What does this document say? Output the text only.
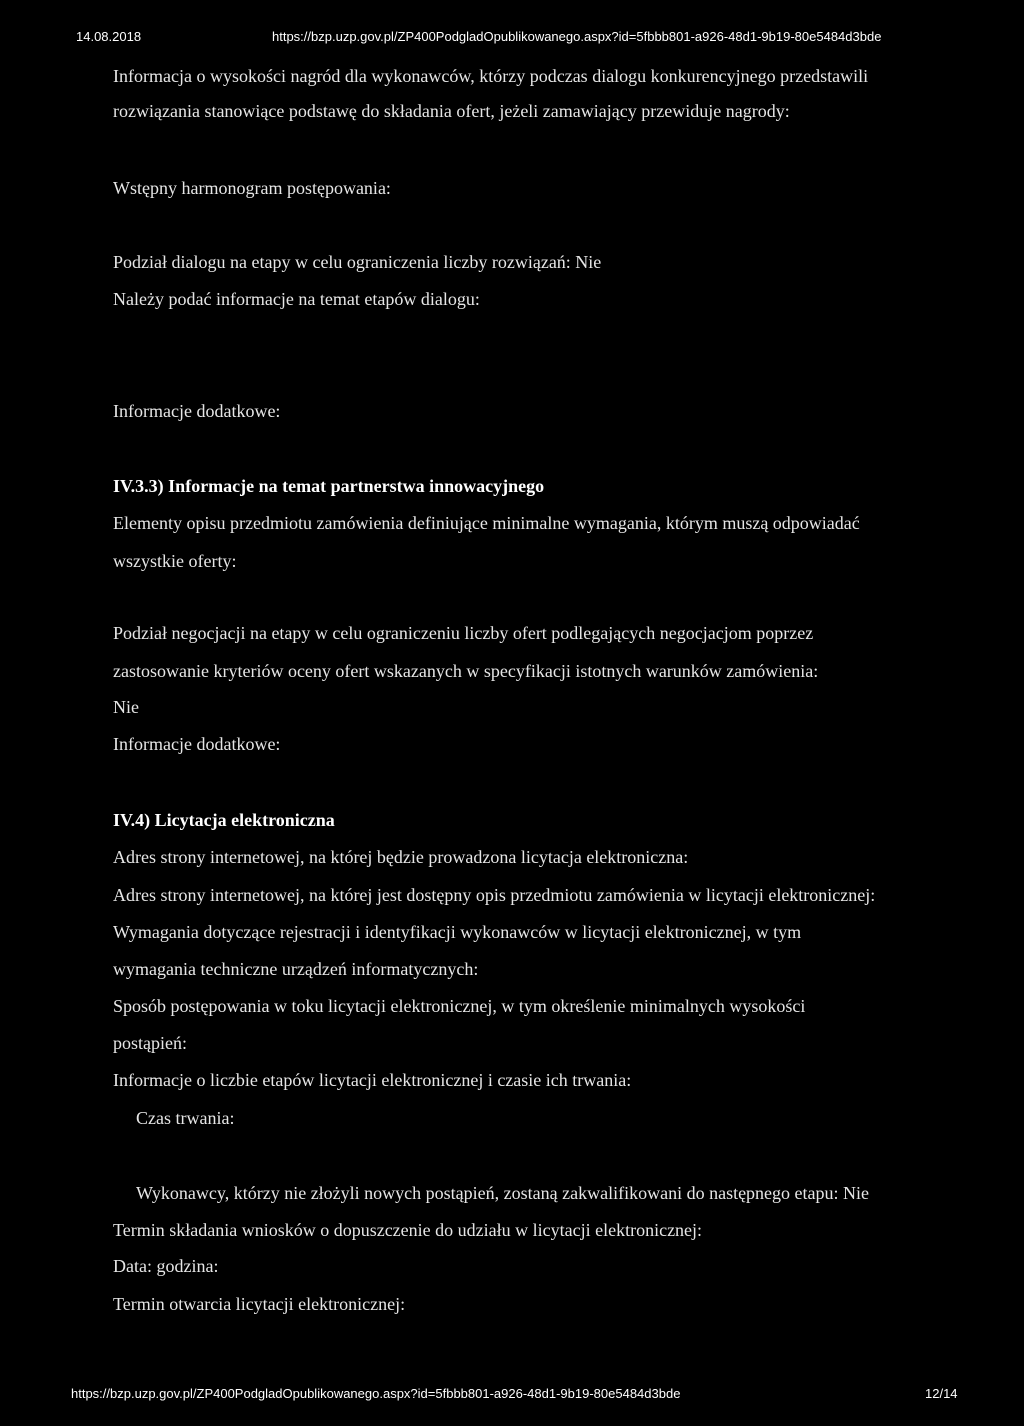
14.08.2018	https://bzp.uzp.gov.pl/ZP400PodgladOpublikowanego.aspx?id=5fbbb801-a926-48d1-9b19-80e5484d3bde
Informacja o wysokości nagród dla wykonawców, którzy podczas dialogu konkurencyjnego przedstawili
rozwiązania stanowiące podstawę do składania ofert, jeżeli zamawiający przewiduje nagrody:
Wstępny harmonogram postępowania:
Podział dialogu na etapy w celu ograniczenia liczby rozwiązań: Nie
Należy podać informacje na temat etapów dialogu:
Informacje dodatkowe:
IV.3.3) Informacje na temat partnerstwa innowacyjnego
Elementy opisu przedmiotu zamówienia definiujące minimalne wymagania, którym muszą odpowiadać
wszystkie oferty:
Podział negocjacji na etapy w celu ograniczeniu liczby ofert podlegających negocjacjom poprzez
zastosowanie kryteriów oceny ofert wskazanych w specyfikacji istotnych warunków zamówienia:
Nie
Informacje dodatkowe:
IV.4) Licytacja elektroniczna
Adres strony internetowej, na której będzie prowadzona licytacja elektroniczna:
Adres strony internetowej, na której jest dostępny opis przedmiotu zamówienia w licytacji elektronicznej:
Wymagania dotyczące rejestracji i identyfikacji wykonawców w licytacji elektronicznej, w tym
wymagania techniczne urządzeń informatycznych:
Sposób postępowania w toku licytacji elektronicznej, w tym określenie minimalnych wysokości
postąpień:
Informacje o liczbie etapów licytacji elektronicznej i czasie ich trwania:
Czas trwania:
Wykonawcy, którzy nie złożyli nowych postąpień, zostaną zakwalifikowani do następnego etapu: Nie
Termin składania wniosków o dopuszczenie do udziału w licytacji elektronicznej:
Data: godzina:
Termin otwarcia licytacji elektronicznej:
https://bzp.uzp.gov.pl/ZP400PodgladOpublikowanego.aspx?id=5fbbb801-a926-48d1-9b19-80e5484d3bde	12/14
